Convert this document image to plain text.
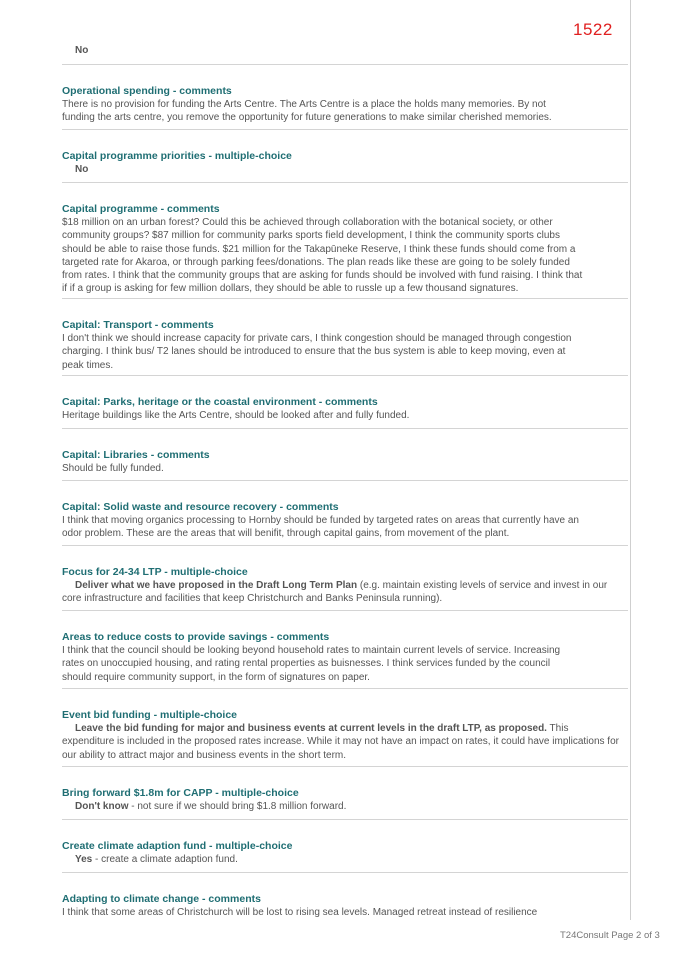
1522
No
Operational spending - comments

There is no provision for funding the Arts Centre. The Arts Centre is a place the holds many memories. By not

funding the arts centre, you remove the opportunity for future generations to make similar cherished memories.

Capital programme priorities - multiple-choice
No
Capital programme - comments

$18 million on an urban forest? Could this be achieved through collaboration with the botanical society, or other

community groups? $87 million for community parks sports field development, I think the community sports clubs

should be able to raise those funds. $21 million for the Takapūneke Reserve, I think these funds should come from a

targeted rate for Akaroa, or through parking fees/donations. The plan reads like these are going to be solely funded

from rates. I think that the community groups that are asking for funds should be involved with fund raising. I think that

if if a group is asking for few million dollars, they should be able to russle up a few thousand signatures.

Capital: Transport - comments

I don't think we should increase capacity for private cars, I think congestion should be managed through congestion

charging. I think bus/ T2 lanes should be introduced to ensure that the bus system is able to keep moving, even at

peak times.

Capital: Parks, heritage or the coastal environment - comments

Heritage buildings like the Arts Centre, should be looked after and fully funded.

Capital: Libraries - comments

Should be fully funded.

Capital: Solid waste and resource recovery - comments

I think that moving organics processing to Hornby should be funded by targeted rates on areas that currently have an

odor problem. These are the areas that will benifit, through capital gains, from movement of the plant.

Focus for 24-34 LTP - multiple-choice
Deliver what we have proposed in the Draft Long Term Plan (e.g. maintain existing levels of service and invest in our

core infrastructure and facilities that keep Christchurch and Banks Peninsula running).

Areas to reduce costs to provide savings - comments

I think that the council should be looking beyond household rates to maintain current levels of service. Increasing

rates on unoccupied housing, and rating rental properties as buisnesses. I think services funded by the council

should require community support, in the form of signatures on paper.

Event bid funding - multiple-choice
Leave the bid funding for major and business events at current levels in the draft LTP, as proposed. This

expenditure is included in the proposed rates increase. While it may not have an impact on rates, it could have implications for

our ability to attract major and business events in the short term.

Bring forward $1.8m for CAPP - multiple-choice
Don't know - not sure if we should bring $1.8 million forward.
Create climate adaption fund - multiple-choice
Yes - create a climate adaption fund.
Adapting to climate change - comments

I think that some areas of Christchurch will be lost to rising sea levels. Managed retreat instead of resilience

T24Consult Page 2 of 3
